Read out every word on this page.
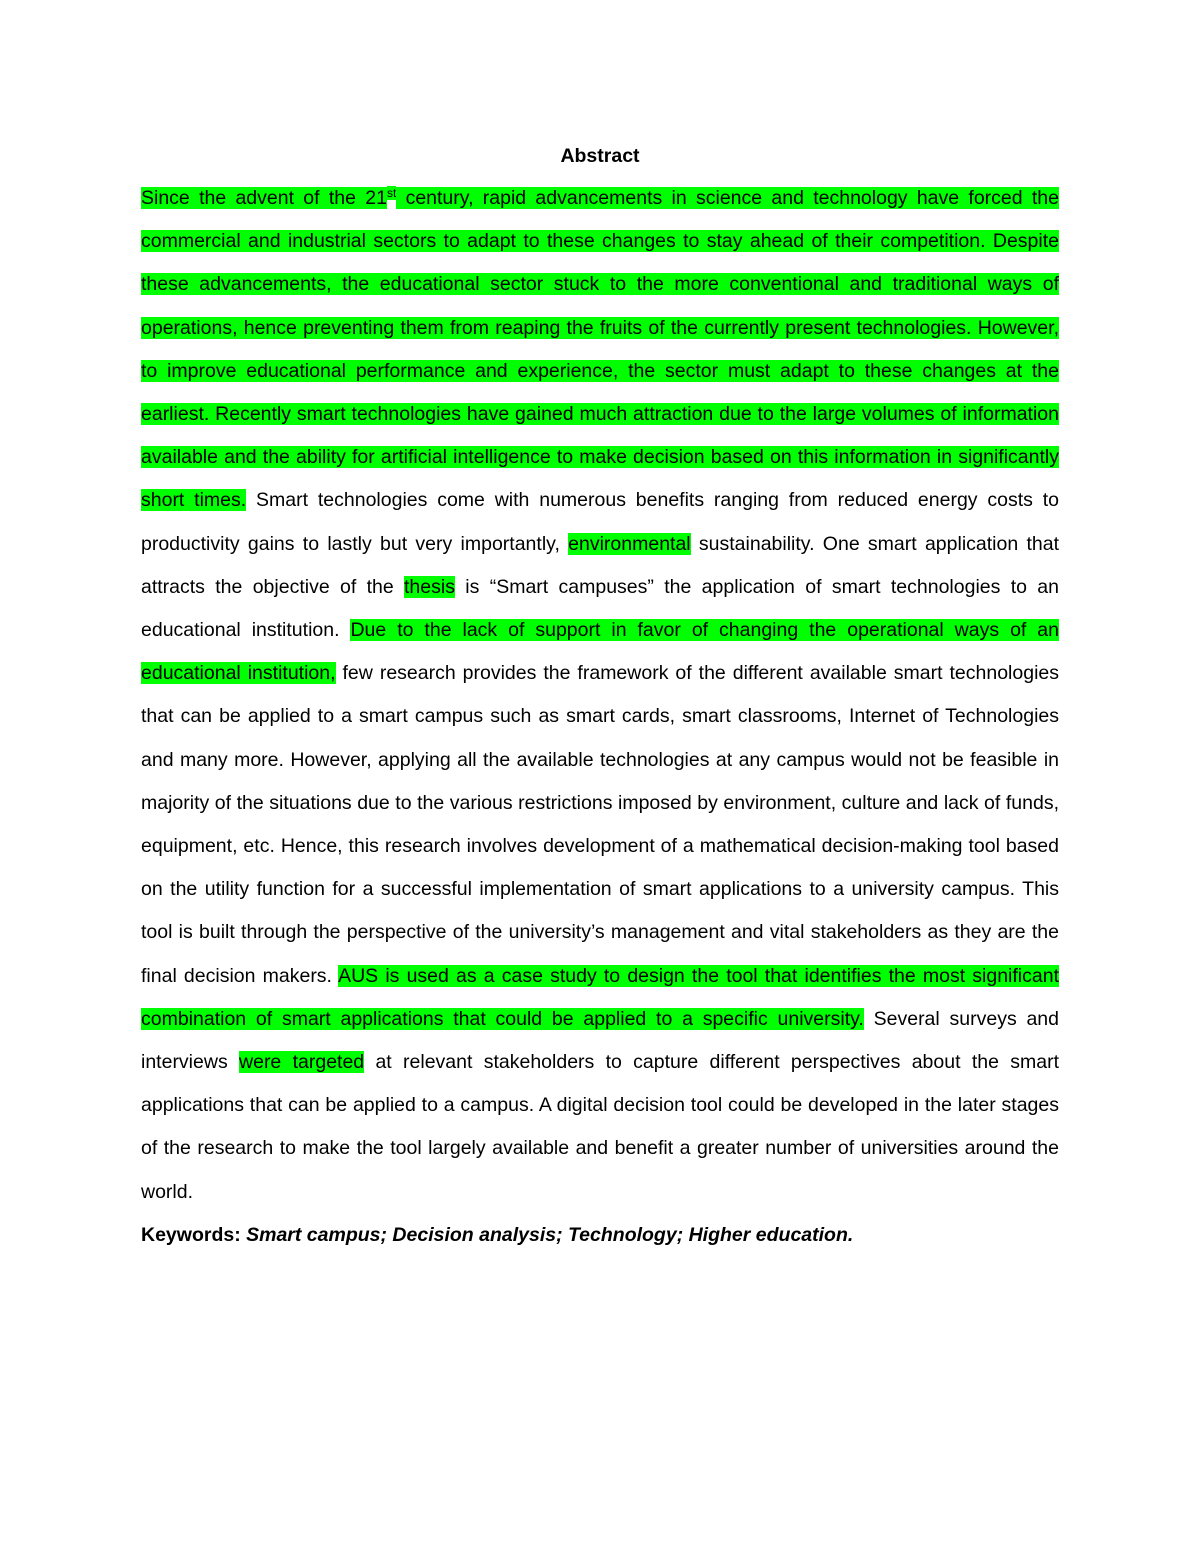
Abstract

Since the advent of the 21st century, rapid advancements in science and technology have forced the commercial and industrial sectors to adapt to these changes to stay ahead of their competition. Despite these advancements, the educational sector stuck to the more conventional and traditional ways of operations, hence preventing them from reaping the fruits of the currently present technologies. However, to improve educational performance and experience, the sector must adapt to these changes at the earliest. Recently smart technologies have gained much attraction due to the large volumes of information available and the ability for artificial intelligence to make decision based on this information in significantly short times. Smart technologies come with numerous benefits ranging from reduced energy costs to productivity gains to lastly but very importantly, environmental sustainability. One smart application that attracts the objective of the thesis is “Smart campuses” the application of smart technologies to an educational institution. Due to the lack of support in favor of changing the operational ways of an educational institution, few research provides the framework of the different available smart technologies that can be applied to a smart campus such as smart cards, smart classrooms, Internet of Technologies and many more. However, applying all the available technologies at any campus would not be feasible in majority of the situations due to the various restrictions imposed by environment, culture and lack of funds, equipment, etc. Hence, this research involves development of a mathematical decision-making tool based on the utility function for a successful implementation of smart applications to a university campus. This tool is built through the perspective of the university’s management and vital stakeholders as they are the final decision makers. AUS is used as a case study to design the tool that identifies the most significant combination of smart applications that could be applied to a specific university. Several surveys and interviews were targeted at relevant stakeholders to capture different perspectives about the smart applications that can be applied to a campus. A digital decision tool could be developed in the later stages of the research to make the tool largely available and benefit a greater number of universities around the world.

Keywords: Smart campus; Decision analysis; Technology; Higher education.
